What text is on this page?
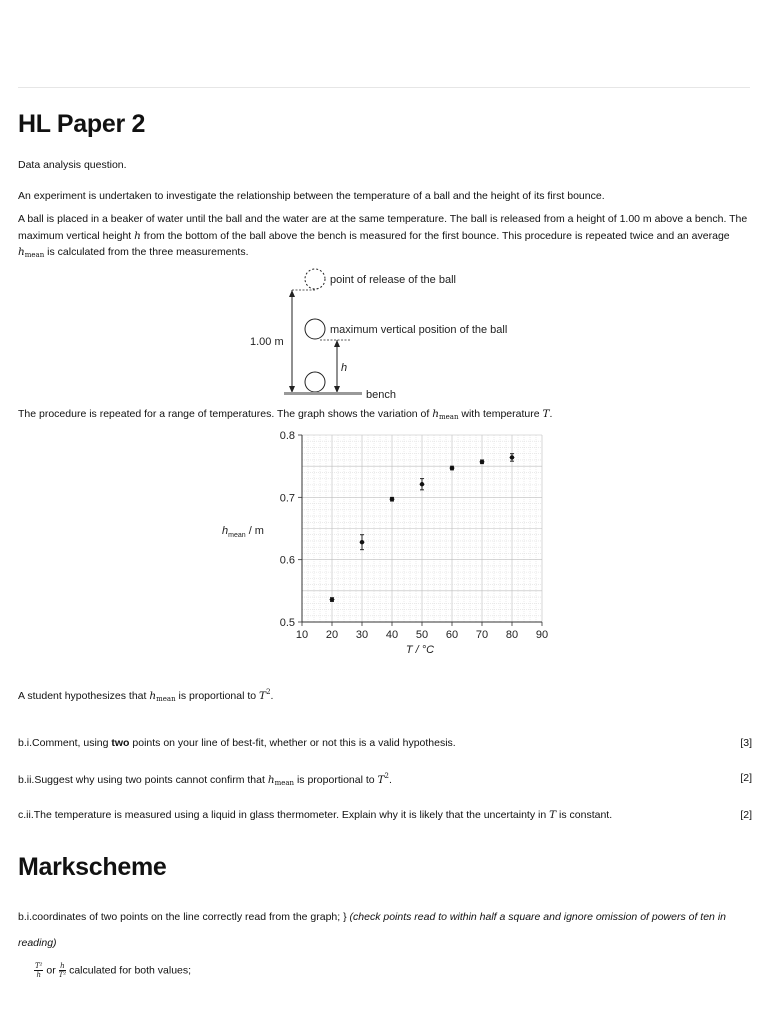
HL Paper 2
Data analysis question.
An experiment is undertaken to investigate the relationship between the temperature of a ball and the height of its first bounce.
A ball is placed in a beaker of water until the ball and the water are at the same temperature. The ball is released from a height of 1.00 m above a bench. The maximum vertical height h from the bottom of the ball above the bench is measured for the first bounce. This procedure is repeated twice and an average $h_{mean}$ is calculated from the three measurements.
point of release of the ball
maximum vertical position of the ball
1.00 m
h
bench
The procedure is repeated for a range of temperatures. The graph shows the variation of $h_{mean}$ with temperature T.
10 20 30 40 50 60 70 80 90
0.5
0.6
0.7
0.8
T / °C
$h_{mean}$ / m
A student hypothesizes that $h_{mean}$ is proportional to $T^2$.
b.i.Comment, using two points on your line of best-fit, whether or not this is a valid hypothesis.	[3]
b.ii.Suggest why using two points cannot confirm that $h_{mean}$ is proportional to $T^2$.	[2]
c.ii.The temperature is measured using a liquid in glass thermometer. Explain why it is likely that the uncertainty in T is constant.	[2]
Markscheme
b.i.coordinates of two points on the line correctly read from the graph; } (check points read to within half a square and ignore omission of powers of ten in reading)
$\frac{\text{T²}}{h}$ or $\frac{h}{\text{T²}}$ calculated for both values;
